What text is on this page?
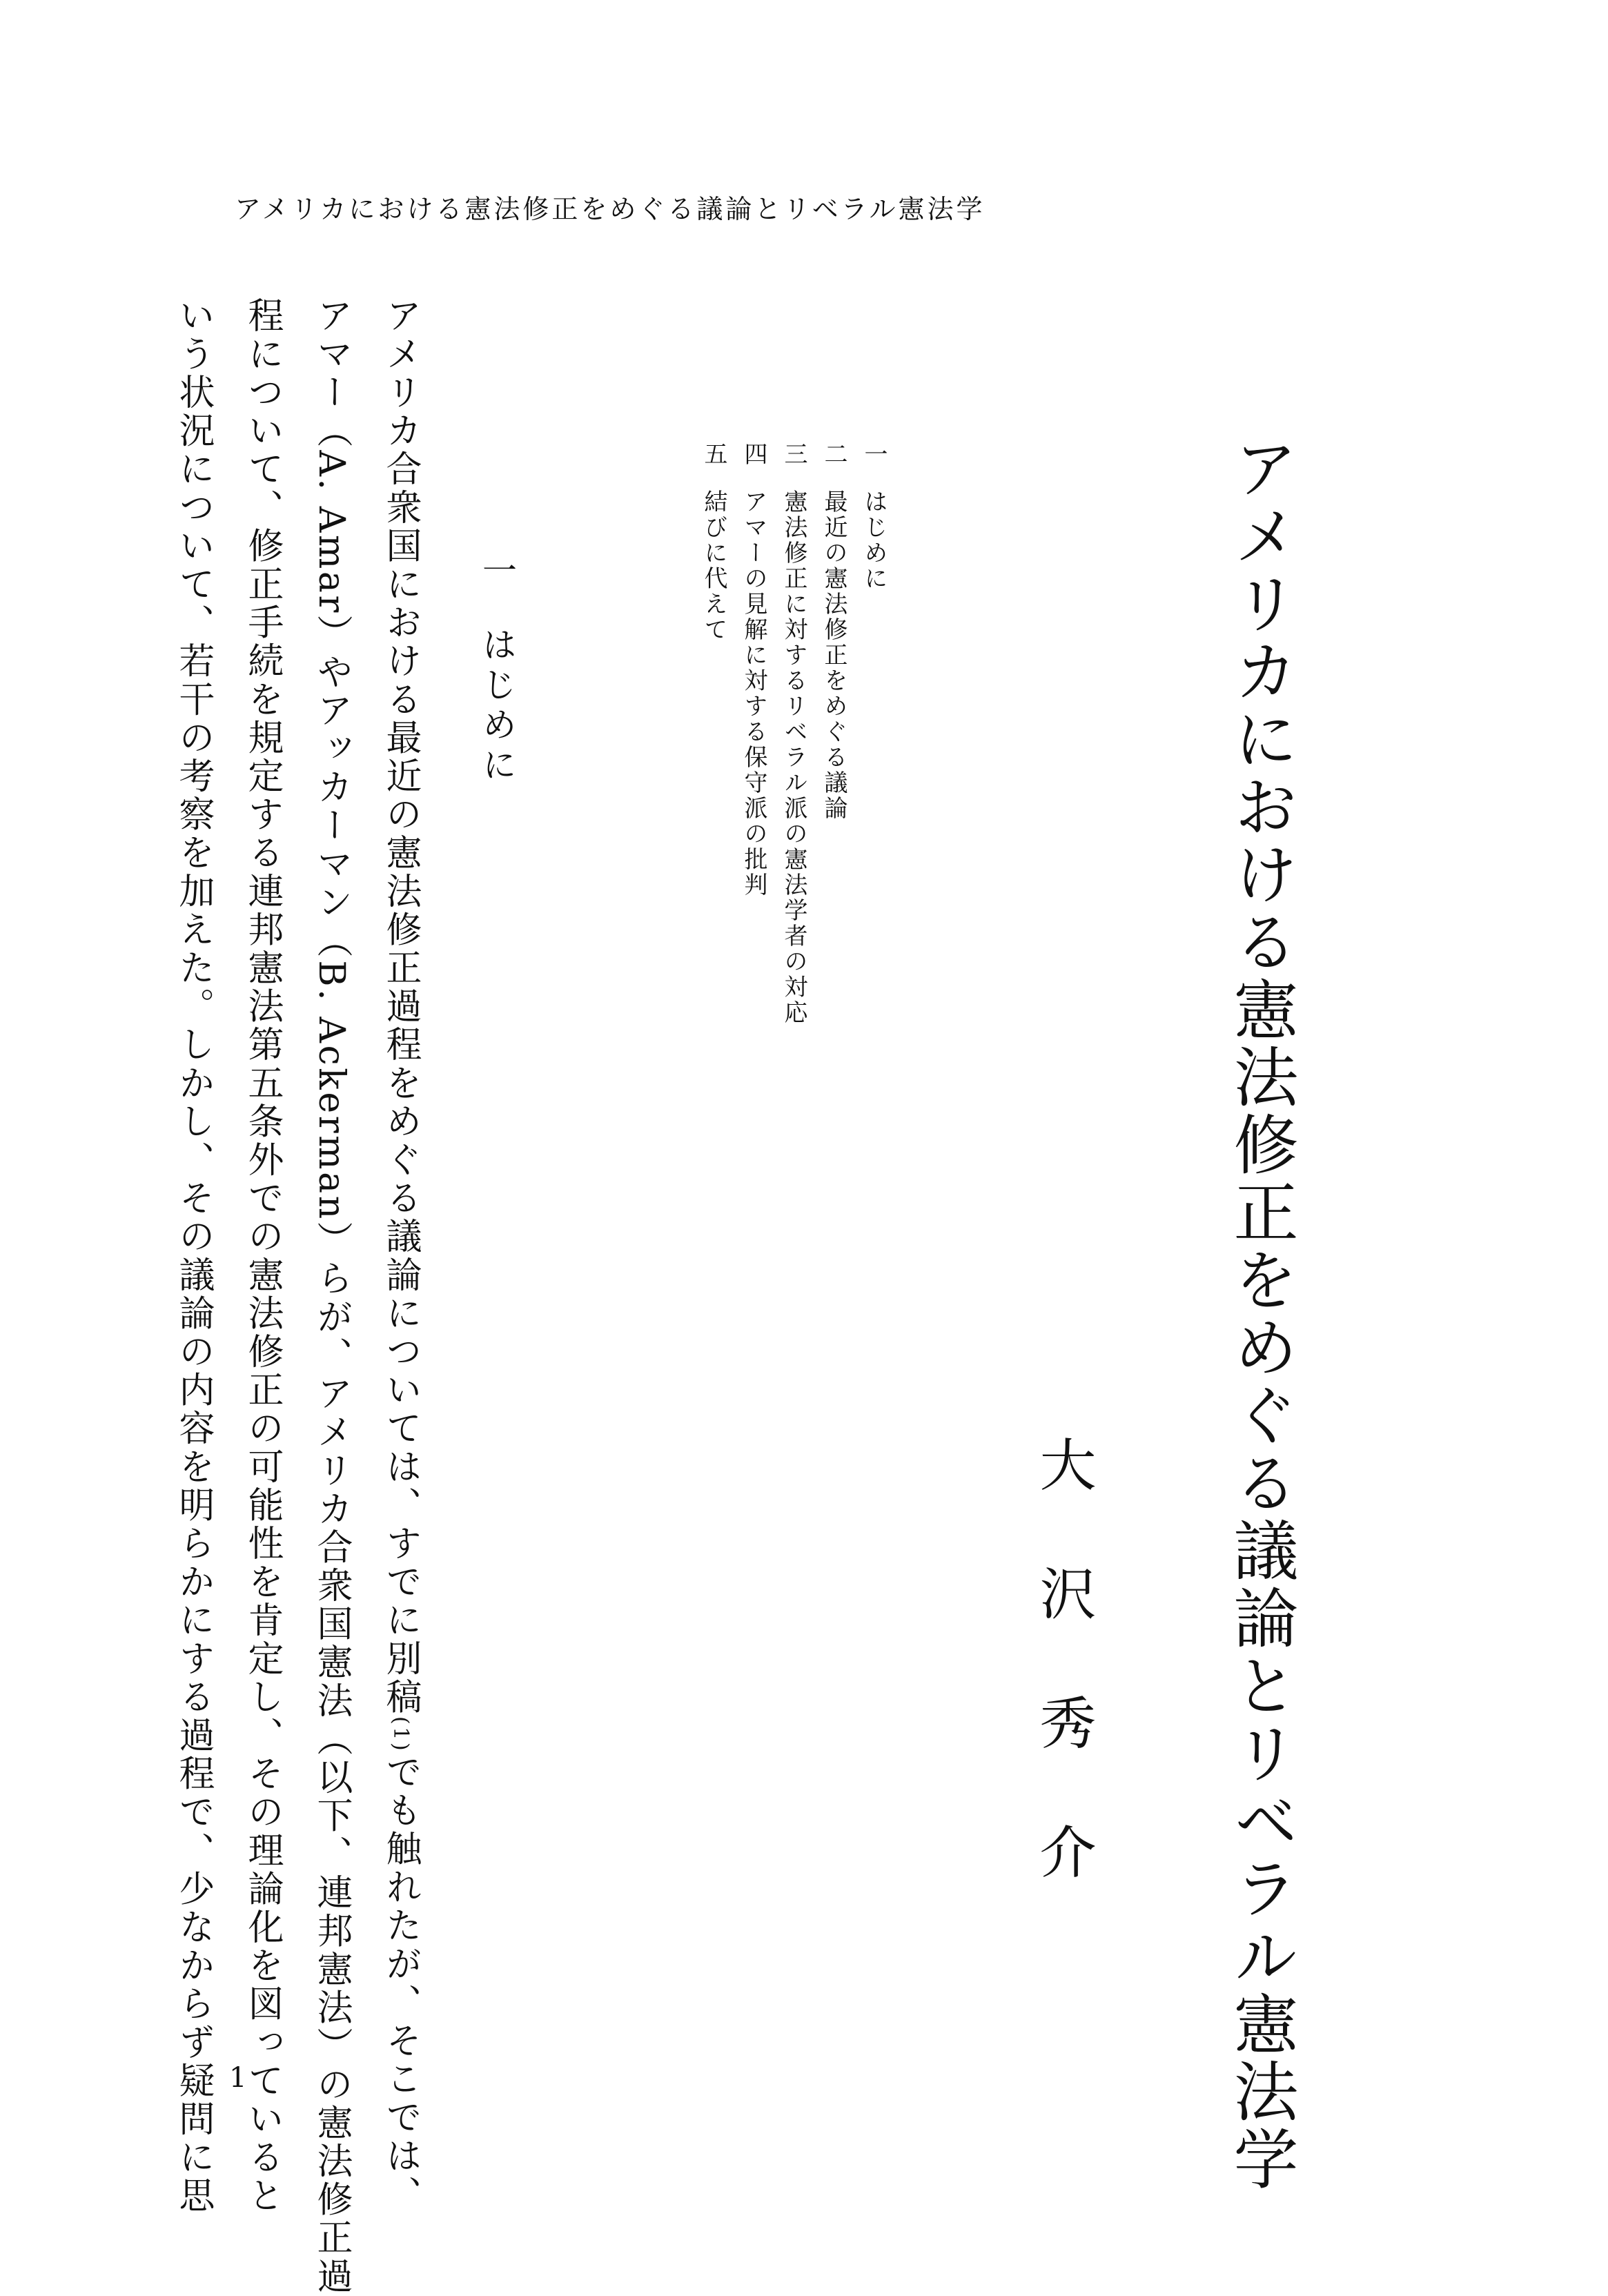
アメリカにおける憲法修正をめぐる議論とリベラル憲法学
アメリカにおける憲法修正をめぐる議論とリベラル憲法学
大沢秀介
一はじめに
二最近の憲法修正をめぐる議論
三憲法修正に対するリベラル派の憲法学者の対応
四アマーの見解に対する保守派の批判
五結びに代えて
一はじめに
アメリカ合衆国における最近の憲法修正過程をめぐる議論については、すでに別稿(1)でも触れたが、そこでは、
アマー（A. Amar）やアッカーマン（B. Ackerman）らが、アメリカ合衆国憲法（以下、連邦憲法）の憲法修正過
程について、修正手続を規定する連邦憲法第五条外での憲法修正の可能性を肯定し、その理論化を図っていると
いう状況について、若干の考察を加えた。しかし、その議論の内容を明らかにする過程で、少なからず疑問に思 1
